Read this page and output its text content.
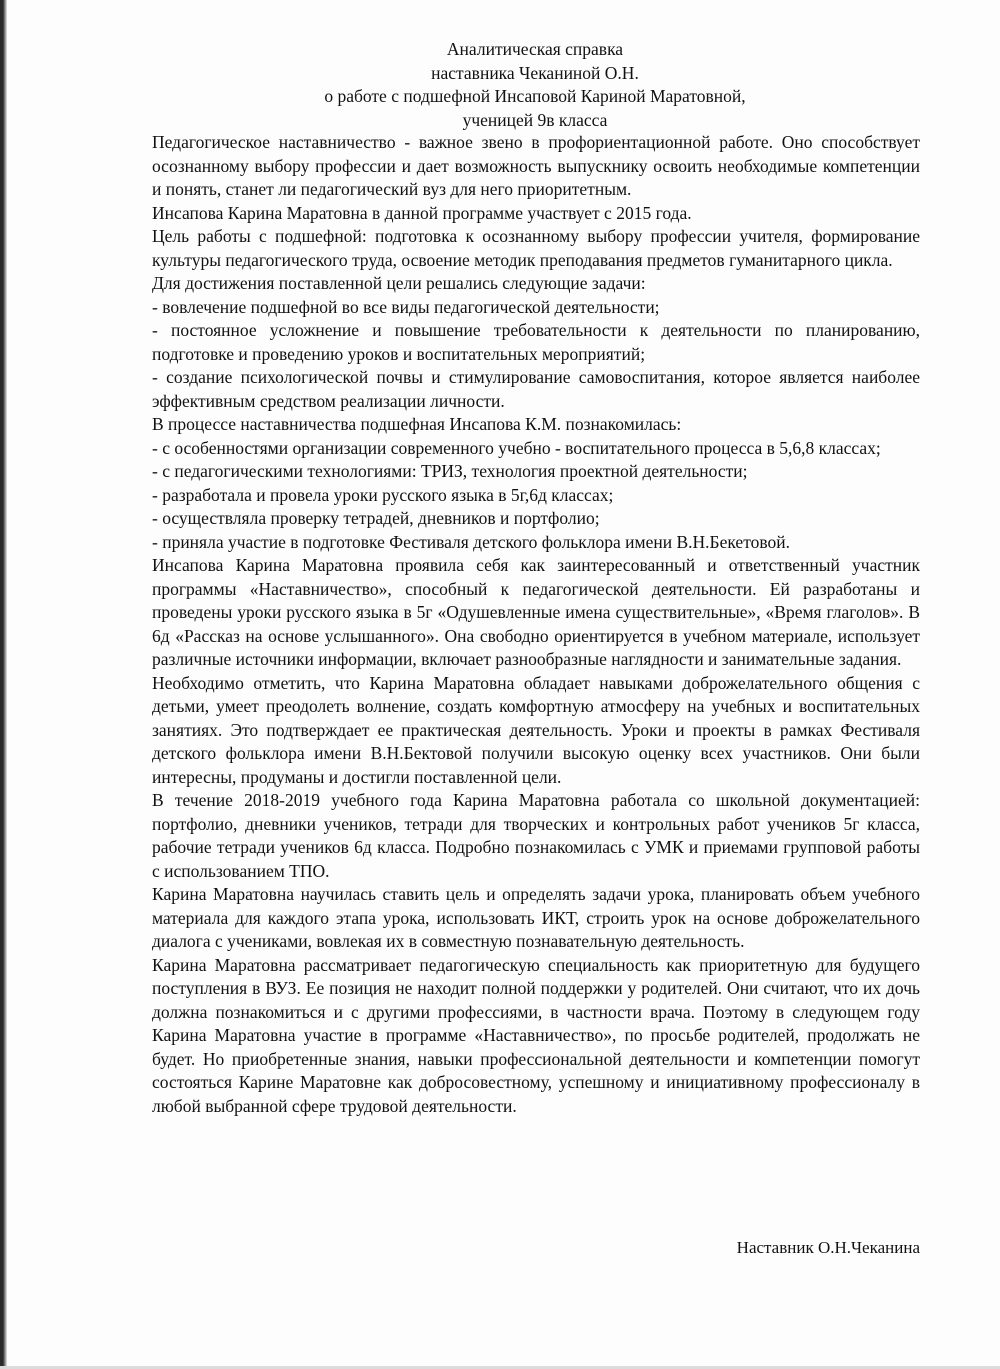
Аналитическая справка
наставника Чеканиной О.Н.
о работе с подшефной Инсаповой Кариной Маратовной,
ученицей 9в класса

Педагогическое наставничество - важное звено в профориентационной работе. Оно способствует осознанному выбору профессии и дает возможность выпускнику освоить необходимые компетенции и понять, станет ли педагогический вуз для него приоритетным.

Инсапова Карина Маратовна в данной программе участвует с 2015 года.

Цель работы с подшефной: подготовка к осознанному выбору профессии учителя, формирование культуры педагогического труда, освоение методик преподавания предметов гуманитарного цикла.

Для достижения поставленной цели решались следующие задачи:

- вовлечение подшефной во все виды педагогической деятельности;

- постоянное усложнение и повышение требовательности к деятельности по планированию, подготовке и проведению уроков и воспитательных мероприятий;

- создание психологической почвы и стимулирование самовоспитания, которое является наиболее эффективным средством реализации личности.

В процессе наставничества подшефная Инсапова К.М. познакомилась:

- с особенностями организации современного учебно - воспитательного процесса в 5,6,8 классах;

- с педагогическими технологиями: ТРИЗ, технология проектной деятельности;

- разработала и провела уроки русского языка в 5г,6д классах;

- осуществляла проверку тетрадей, дневников и портфолио;

- приняла участие в подготовке Фестиваля детского фольклора имени В.Н.Бекетовой.

Инсапова Карина Маратовна проявила себя как заинтересованный и ответственный участник программы «Наставничество», способный к педагогической деятельности. Ей разработаны и проведены уроки русского языка в 5г «Одушевленные имена существительные», «Время глаголов». В 6д «Рассказ на основе услышанного». Она свободно ориентируется в учебном материале, использует различные источники информации, включает разнообразные наглядности и занимательные задания.

Необходимо отметить, что Карина Маратовна обладает навыками доброжелательного общения с детьми, умеет преодолеть волнение, создать комфортную атмосферу на учебных и воспитательных занятиях. Это подтверждает ее практическая деятельность. Уроки и проекты в рамках Фестиваля детского фольклора имени В.Н.Бектовой получили высокую оценку всех участников. Они были интересны, продуманы и достигли поставленной цели.

В течение 2018-2019 учебного года Карина Маратовна работала со школьной документацией: портфолио, дневники учеников, тетради для творческих и контрольных работ учеников 5г класса, рабочие тетради учеников 6д класса. Подробно познакомилась с УМК и приемами групповой работы с использованием ТПО.

Карина Маратовна научилась ставить цель и определять задачи урока, планировать объем учебного материала для каждого этапа урока, использовать ИКТ, строить урок на основе доброжелательного диалога с учениками, вовлекая их в совместную познавательную деятельность.

Карина Маратовна рассматривает педагогическую специальность как приоритетную для будущего поступления в ВУЗ. Ее позиция не находит полной поддержки у родителей. Они считают, что их дочь должна познакомиться и с другими профессиями, в частности врача. Поэтому в следующем году Карина Маратовна участие в программе «Наставничество», по просьбе родителей, продолжать не будет. Но приобретенные знания, навыки профессиональной деятельности и компетенции помогут состояться Карине Маратовне как добросовестному, успешному и инициативному профессионалу в любой выбранной сфере трудовой деятельности.

Наставник О.Н.Чеканина
